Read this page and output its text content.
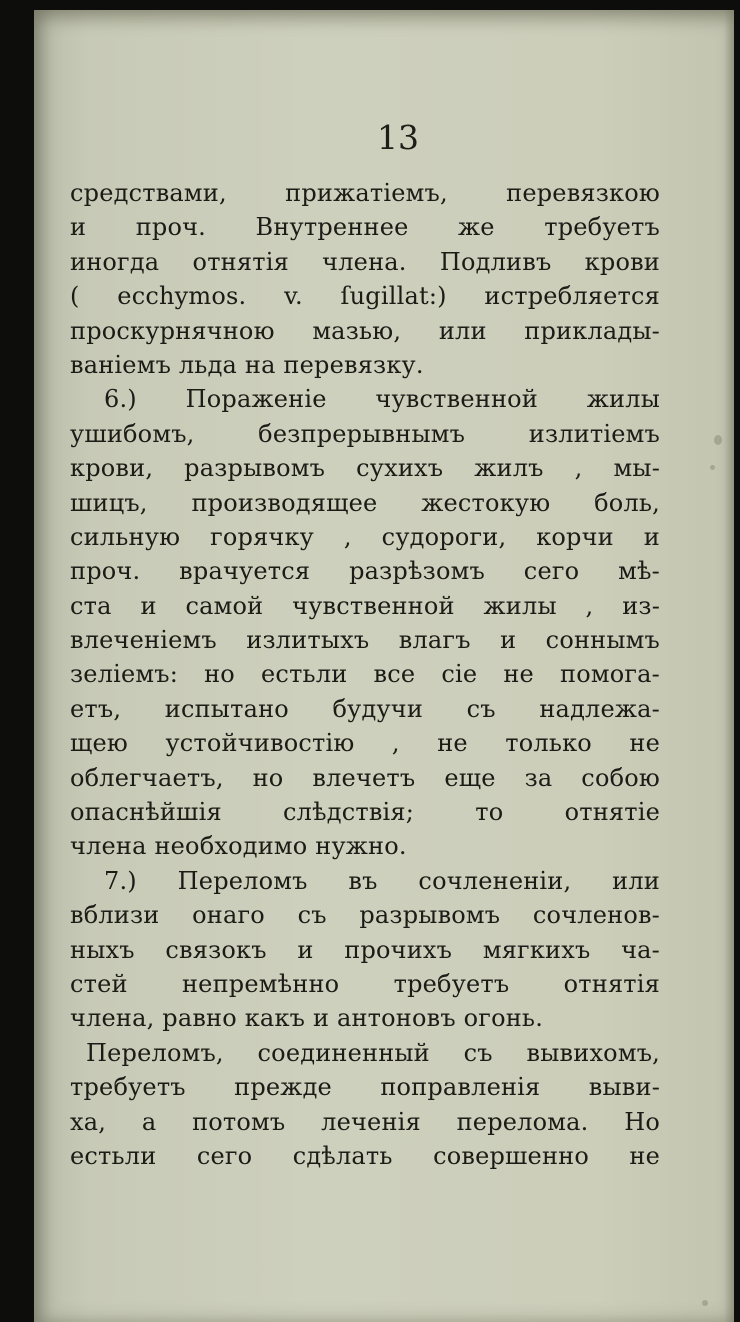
13
средствами, прижатіемъ, перевязкою
и проч. Внутреннее же требуетъ
иногда отнятія члена. Подливъ крови
( ecchymos. v. ſugillat:) истребляется
проскурнячною мазью, или приклады-
ваніемъ льда на перевязку.
6.) Пораженіе чувственной жилы
ушибомъ, безпрерывнымъ излитіемъ
крови, разрывомъ сухихъ жилъ , мы-
шицъ, производящее жестокую боль,
сильную горячку , судороги, корчи и
проч. врачуется разрѣзомъ сего мѣ-
ста и самой чувственной жилы , из-
влеченіемъ излитыхъ влагъ и соннымъ
зеліемъ: но естьли все сіе не помога-
етъ, испытано будучи съ надлежа-
щею устойчивостію , не только не
облегчаетъ, но влечетъ еще за собою
опаснѣйшія слѣдствія; то отнятіе
члена необходимо нужно.
7.) Переломъ въ сочлененіи, или
вблизи онаго съ разрывомъ сочленов-
ныхъ связокъ и прочихъ мягкихъ ча-
стей непремѣнно требуетъ отнятія
члена, равно какъ и антоновъ огонь.
Переломъ, соединенный съ вывихомъ,
требуетъ прежде поправленія выви-
ха, а потомъ леченія перелома. Но
естьли сего сдѣлать совершенно не
